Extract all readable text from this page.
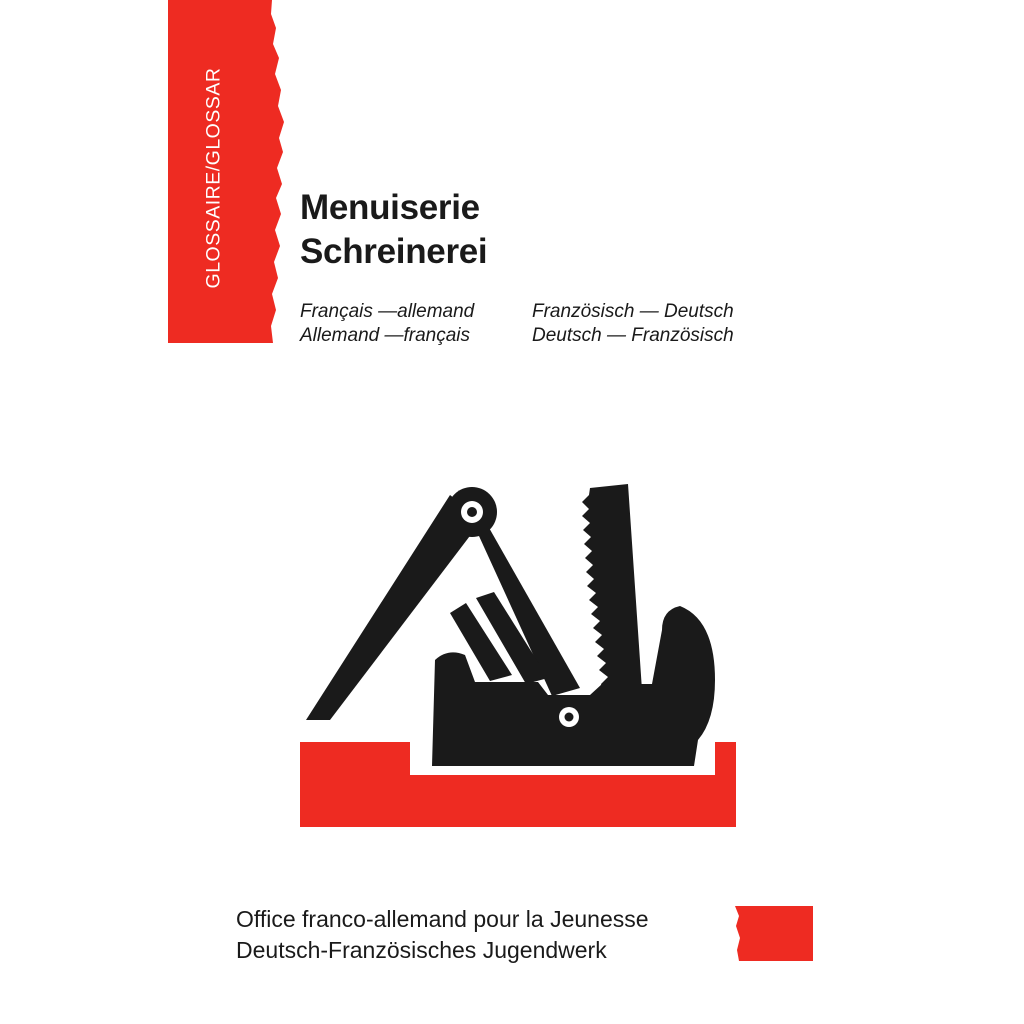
GLOSSAIRE/GLOSSAR Menuiserie
Schreinerei
Français —allemand	Französisch — Deutsch
Allemand —français	Deutsch — Französisch
Office franco-allemand pour la Jeunesse
Deutsch-Französisches Jugendwerk
